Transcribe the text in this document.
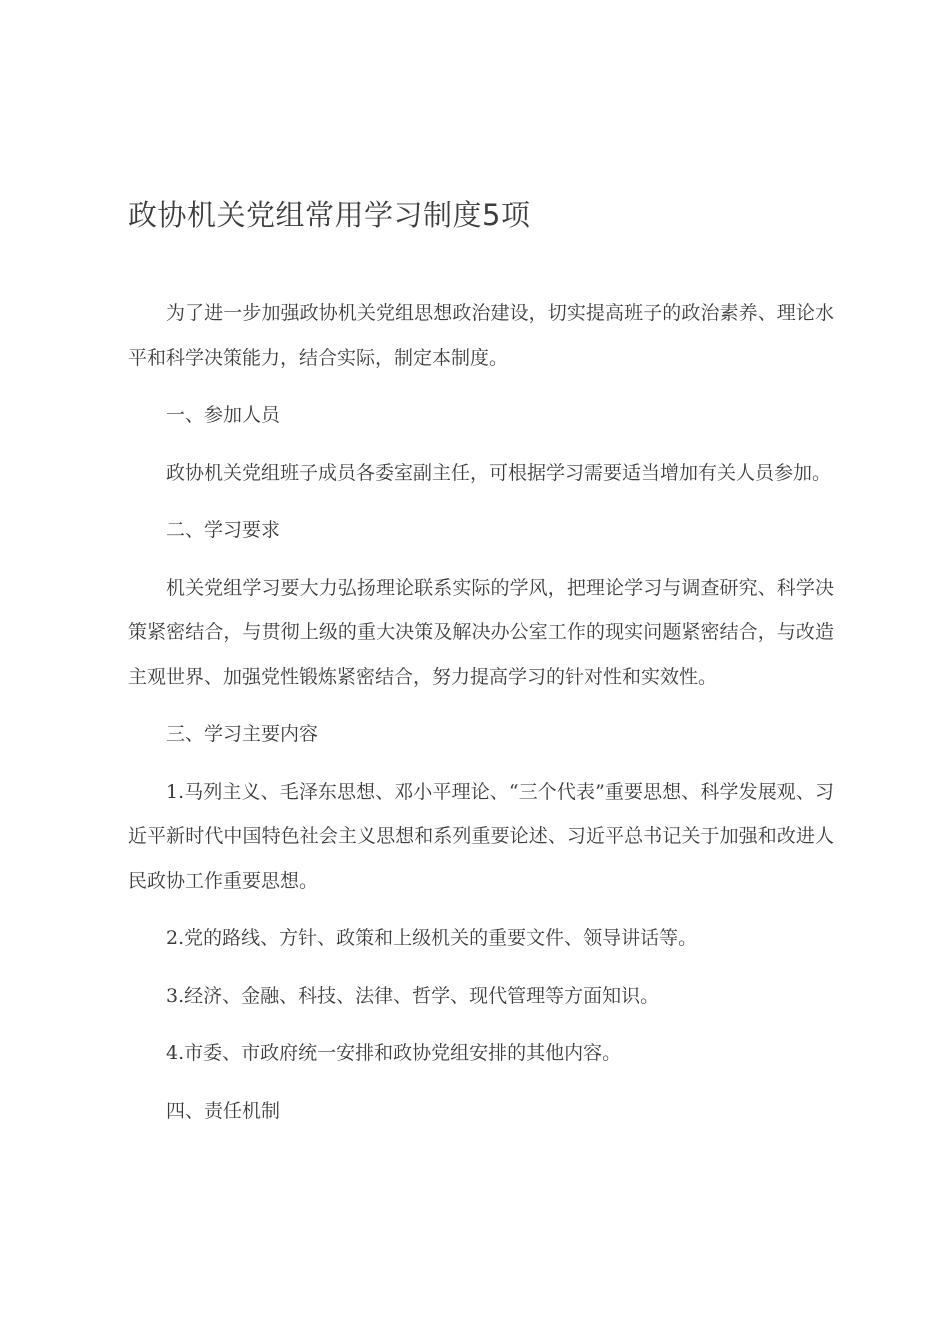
政协机关党组常用学习制度5项

为了进一步加强政协机关党组思想政治建设，切实提高班子的政治素养、理论水平和科学决策能力，结合实际，制定本制度。

一、参加人员

政协机关党组班子成员各委室副主任，可根据学习需要适当增加有关人员参加。

二、学习要求

机关党组学习要大力弘扬理论联系实际的学风，把理论学习与调查研究、科学决策紧密结合，与贯彻上级的重大决策及解决办公室工作的现实问题紧密结合，与改造主观世界、加强党性锻炼紧密结合，努力提高学习的针对性和实效性。

三、学习主要内容

1.马列主义、毛泽东思想、邓小平理论、“三个代表”重要思想、科学发展观、习近平新时代中国特色社会主义思想和系列重要论述、习近平总书记关于加强和改进人民政协工作重要思想。

2.党的路线、方针、政策和上级机关的重要文件、领导讲话等。

3.经济、金融、科技、法律、哲学、现代管理等方面知识。

4.市委、市政府统一安排和政协党组安排的其他内容。

四、责任机制
